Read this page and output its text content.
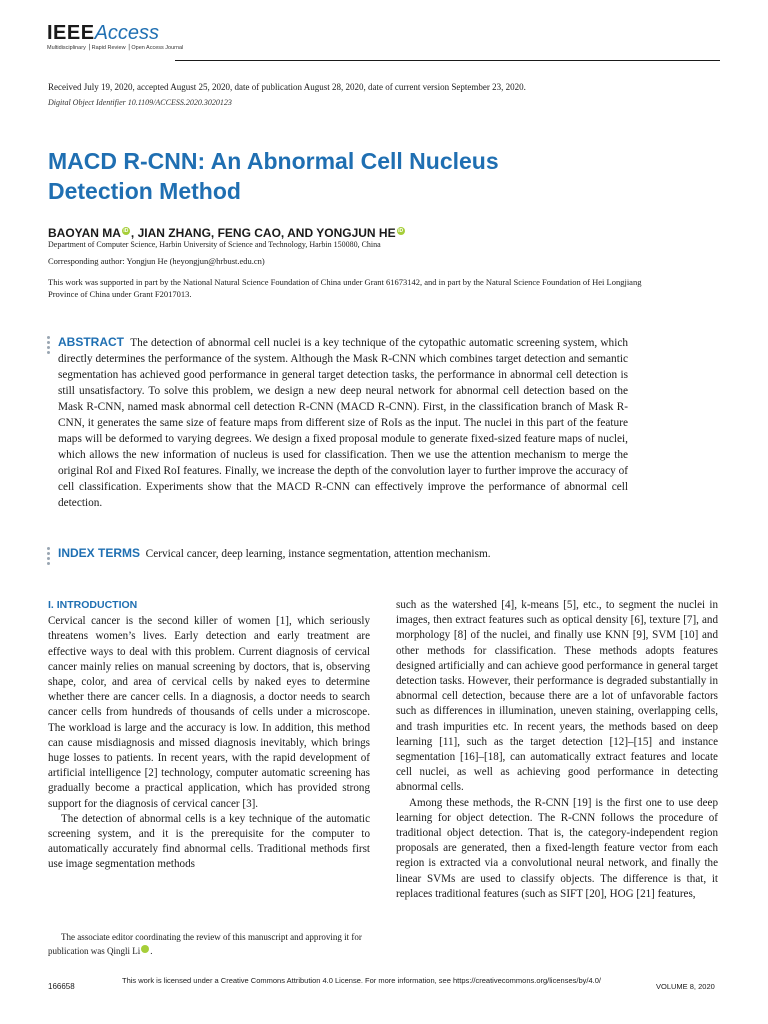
IEEEAccess
Multidisciplinary ⎟ Rapid Review ⎟ Open Access Journal
Received July 19, 2020, accepted August 25, 2020, date of publication August 28, 2020, date of current version September 23, 2020.
Digital Object Identifier 10.1109/ACCESS.2020.3020123
MACD R-CNN: An Abnormal Cell Nucleus
Detection Method
BAOYAN MA iD , JIAN ZHANG, FENG CAO, AND YONGJUN HE iD
Department of Computer Science, Harbin University of Science and Technology, Harbin 150080, China
Corresponding author: Yongjun He (heyongjun@hrbust.edu.cn)
This work was supported in part by the National Natural Science Foundation of China under Grant 61673142, and in part by the Natural Science Foundation of Hei Longjiang Province of China under Grant F2017013.
ABSTRACT The detection of abnormal cell nuclei is a key technique of the cytopathic automatic screening system, which directly determines the performance of the system. Although the Mask R-CNN which combines target detection and semantic segmentation has achieved good performance in general target detection tasks, the performance in abnormal cell detection is still unsatisfactory. To solve this problem, we design a new deep neural network for abnormal cell detection based on the Mask R-CNN, named mask abnormal cell detection R-CNN (MACD R-CNN). First, in the classification branch of Mask R-CNN, it generates the same size of feature maps from different size of RoIs as the input. The nuclei in this part of the feature maps will be deformed to varying degrees. We design a fixed proposal module to generate fixed-sized feature maps of nuclei, which allows the new information of nucleus is used for classification. Then we use the attention mechanism to merge the original RoI and Fixed RoI features. Finally, we increase the depth of the convolution layer to further improve the accuracy of cell classification. Experiments show that the MACD R-CNN can effectively improve the performance of abnormal cell detection.
INDEX TERMS Cervical cancer, deep learning, instance segmentation, attention mechanism.
I. INTRODUCTION

Cervical cancer is the second killer of women [1], which seriously threatens women’s lives. Early detection and early treatment are effective ways to deal with this problem. Current diagnosis of cervical cancer mainly relies on manual screening by doctors, that is, observing shape, color, and area of cervical cells by naked eyes to determine whether there are cancer cells. In a diagnosis, a doctor needs to search cancer cells from hundreds of thousands of cells under a microscope. The workload is large and the accuracy is low. In addition, this method can cause misdiagnosis and missed diagnosis inevitably, which brings huge losses to patients. In recent years, with the rapid development of artificial intelligence [2] technology, computer automatic screening has gradually become a practical application, which has provided strong support for the diagnosis of cervical cancer [3].

The detection of abnormal cells is a key technique of the automatic screening system, and it is the prerequisite for the computer to automatically accurately find abnormal cells. Traditional methods first use image segmentation methods

such as the watershed [4], k-means [5], etc., to segment the nuclei in images, then extract features such as optical density [6], texture [7], and morphology [8] of the nuclei, and finally use KNN [9], SVM [10] and other methods for classification. These methods adopts features designed artificially and can achieve good performance in general target detection tasks. However, their performance is degraded substantially in abnormal cell detection, because there are a lot of unfavorable factors such as differences in illumination, uneven staining, overlapping cells, and trash impurities etc. In recent years, the methods based on deep learning [11], such as the target detection [12]–[15] and instance segmentation [16]–[18], can automatically extract features and locate cell nuclei, as well as achieving good performance in detecting abnormal cells.

Among these methods, the R-CNN [19] is the first one to use deep learning for object detection. The R-CNN follows the procedure of traditional object detection. That is, the category-independent region proposals are generated, then a fixed-length feature vector from each region is extracted via a convolutional neural network, and finally the linear SVMs are used to classify objects. The difference is that, it replaces traditional features (such as SIFT [20], HOG [21] features,

The associate editor coordinating the review of this manuscript and approving it for publication was Qingli Li	iD.

166658
This work is licensed under a Creative Commons Attribution 4.0 License. For more information, see https://creativecommons.org/licenses/by/4.0/
VOLUME 8, 2020
